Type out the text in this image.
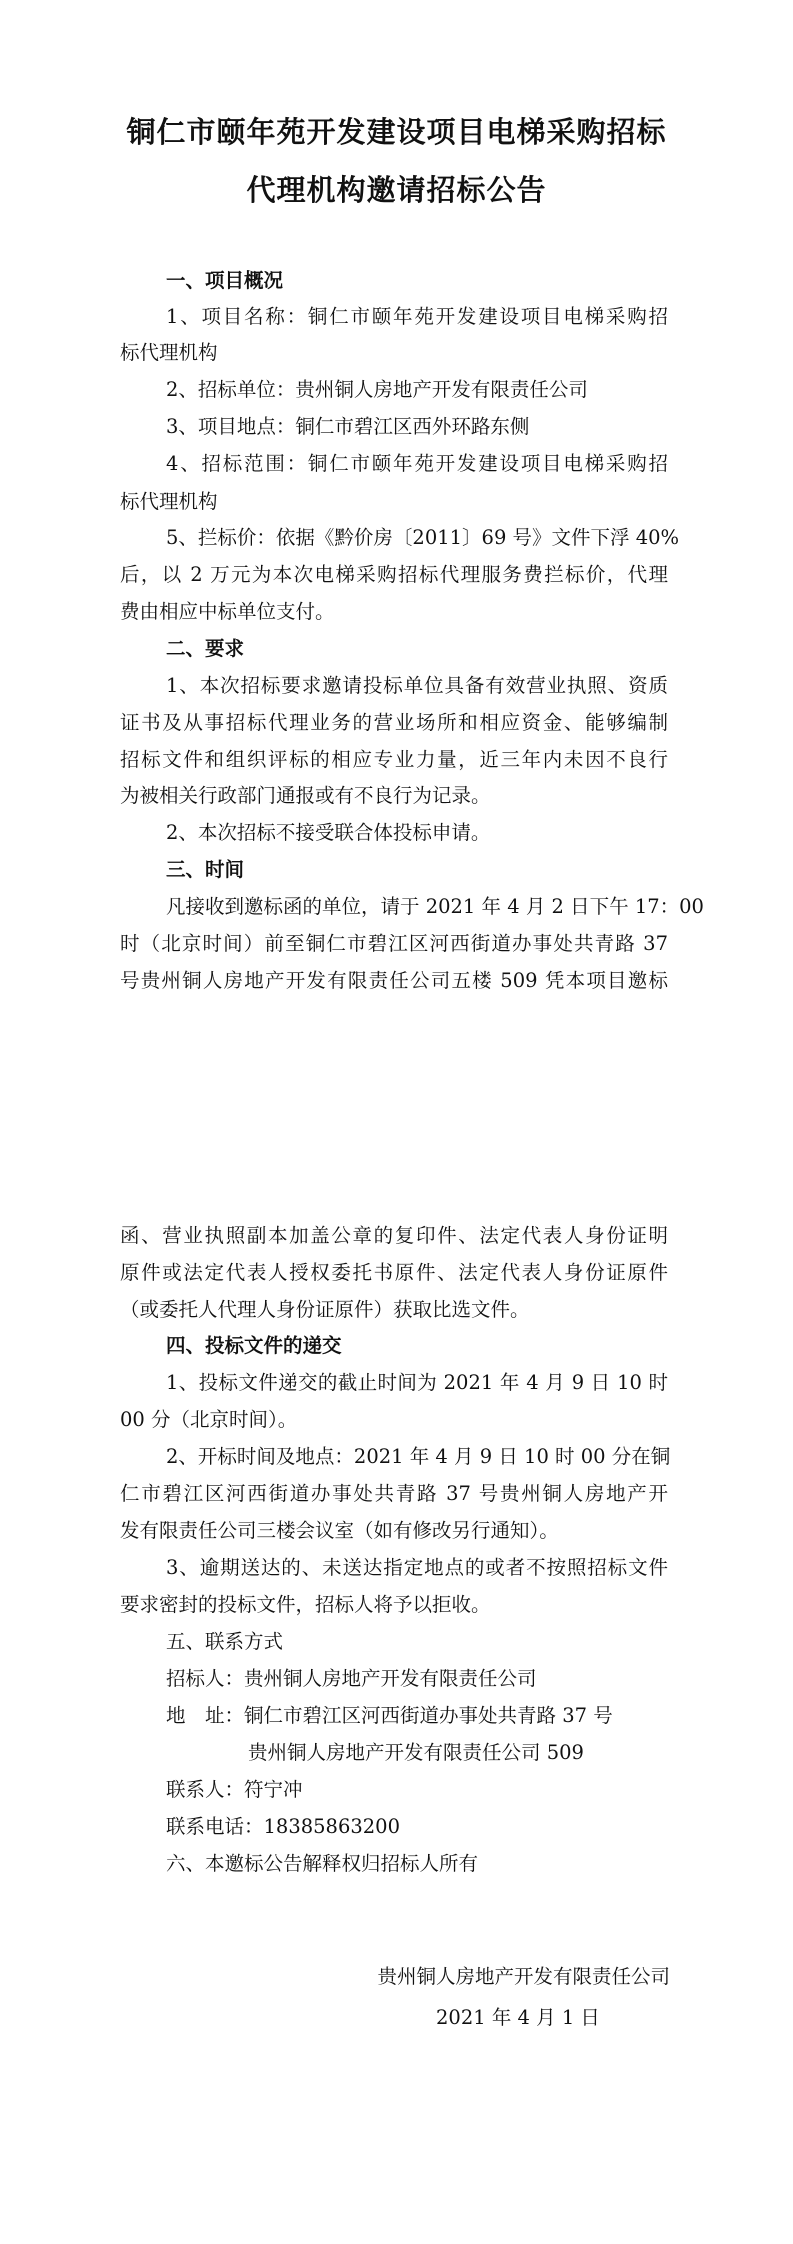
铜仁市颐年苑开发建设项目电梯采购招标
代理机构邀请招标公告
一、项目概况
1、项目名称：铜仁市颐年苑开发建设项目电梯采购招
标代理机构
2、招标单位：贵州铜人房地产开发有限责任公司
3、项目地点：铜仁市碧江区西外环路东侧
4、招标范围：铜仁市颐年苑开发建设项目电梯采购招
标代理机构
5、拦标价：依据《黔价房〔2011〕69 号》文件下浮 40%
后，以 2 万元为本次电梯采购招标代理服务费拦标价，代理
费由相应中标单位支付。
二、要求
1、本次招标要求邀请投标单位具备有效营业执照、资质
证书及从事招标代理业务的营业场所和相应资金、能够编制
招标文件和组织评标的相应专业力量，近三年内未因不良行
为被相关行政部门通报或有不良行为记录。
2、本次招标不接受联合体投标申请。
三、时间
凡接收到邀标函的单位，请于 2021 年 4 月 2 日下午 17：00
时（北京时间）前至铜仁市碧江区河西街道办事处共青路 37
号贵州铜人房地产开发有限责任公司五楼 509 凭本项目邀标
函、营业执照副本加盖公章的复印件、法定代表人身份证明
原件或法定代表人授权委托书原件、法定代表人身份证原件
（或委托人代理人身份证原件）获取比选文件。
四、投标文件的递交
1、投标文件递交的截止时间为 2021 年 4 月 9 日 10 时
00 分（北京时间）。
2、开标时间及地点：2021 年 4 月 9 日 10 时 00 分在铜
仁市碧江区河西街道办事处共青路 37 号贵州铜人房地产开
发有限责任公司三楼会议室（如有修改另行通知）。
3、逾期送达的、未送达指定地点的或者不按照招标文件
要求密封的投标文件，招标人将予以拒收。
五、联系方式
招标人：贵州铜人房地产开发有限责任公司
地　址：铜仁市碧江区河西街道办事处共青路 37 号
贵州铜人房地产开发有限责任公司 509
联系人：符宁冲
联系电话：18385863200
六、本邀标公告解释权归招标人所有
贵州铜人房地产开发有限责任公司
2021 年 4 月 1 日
